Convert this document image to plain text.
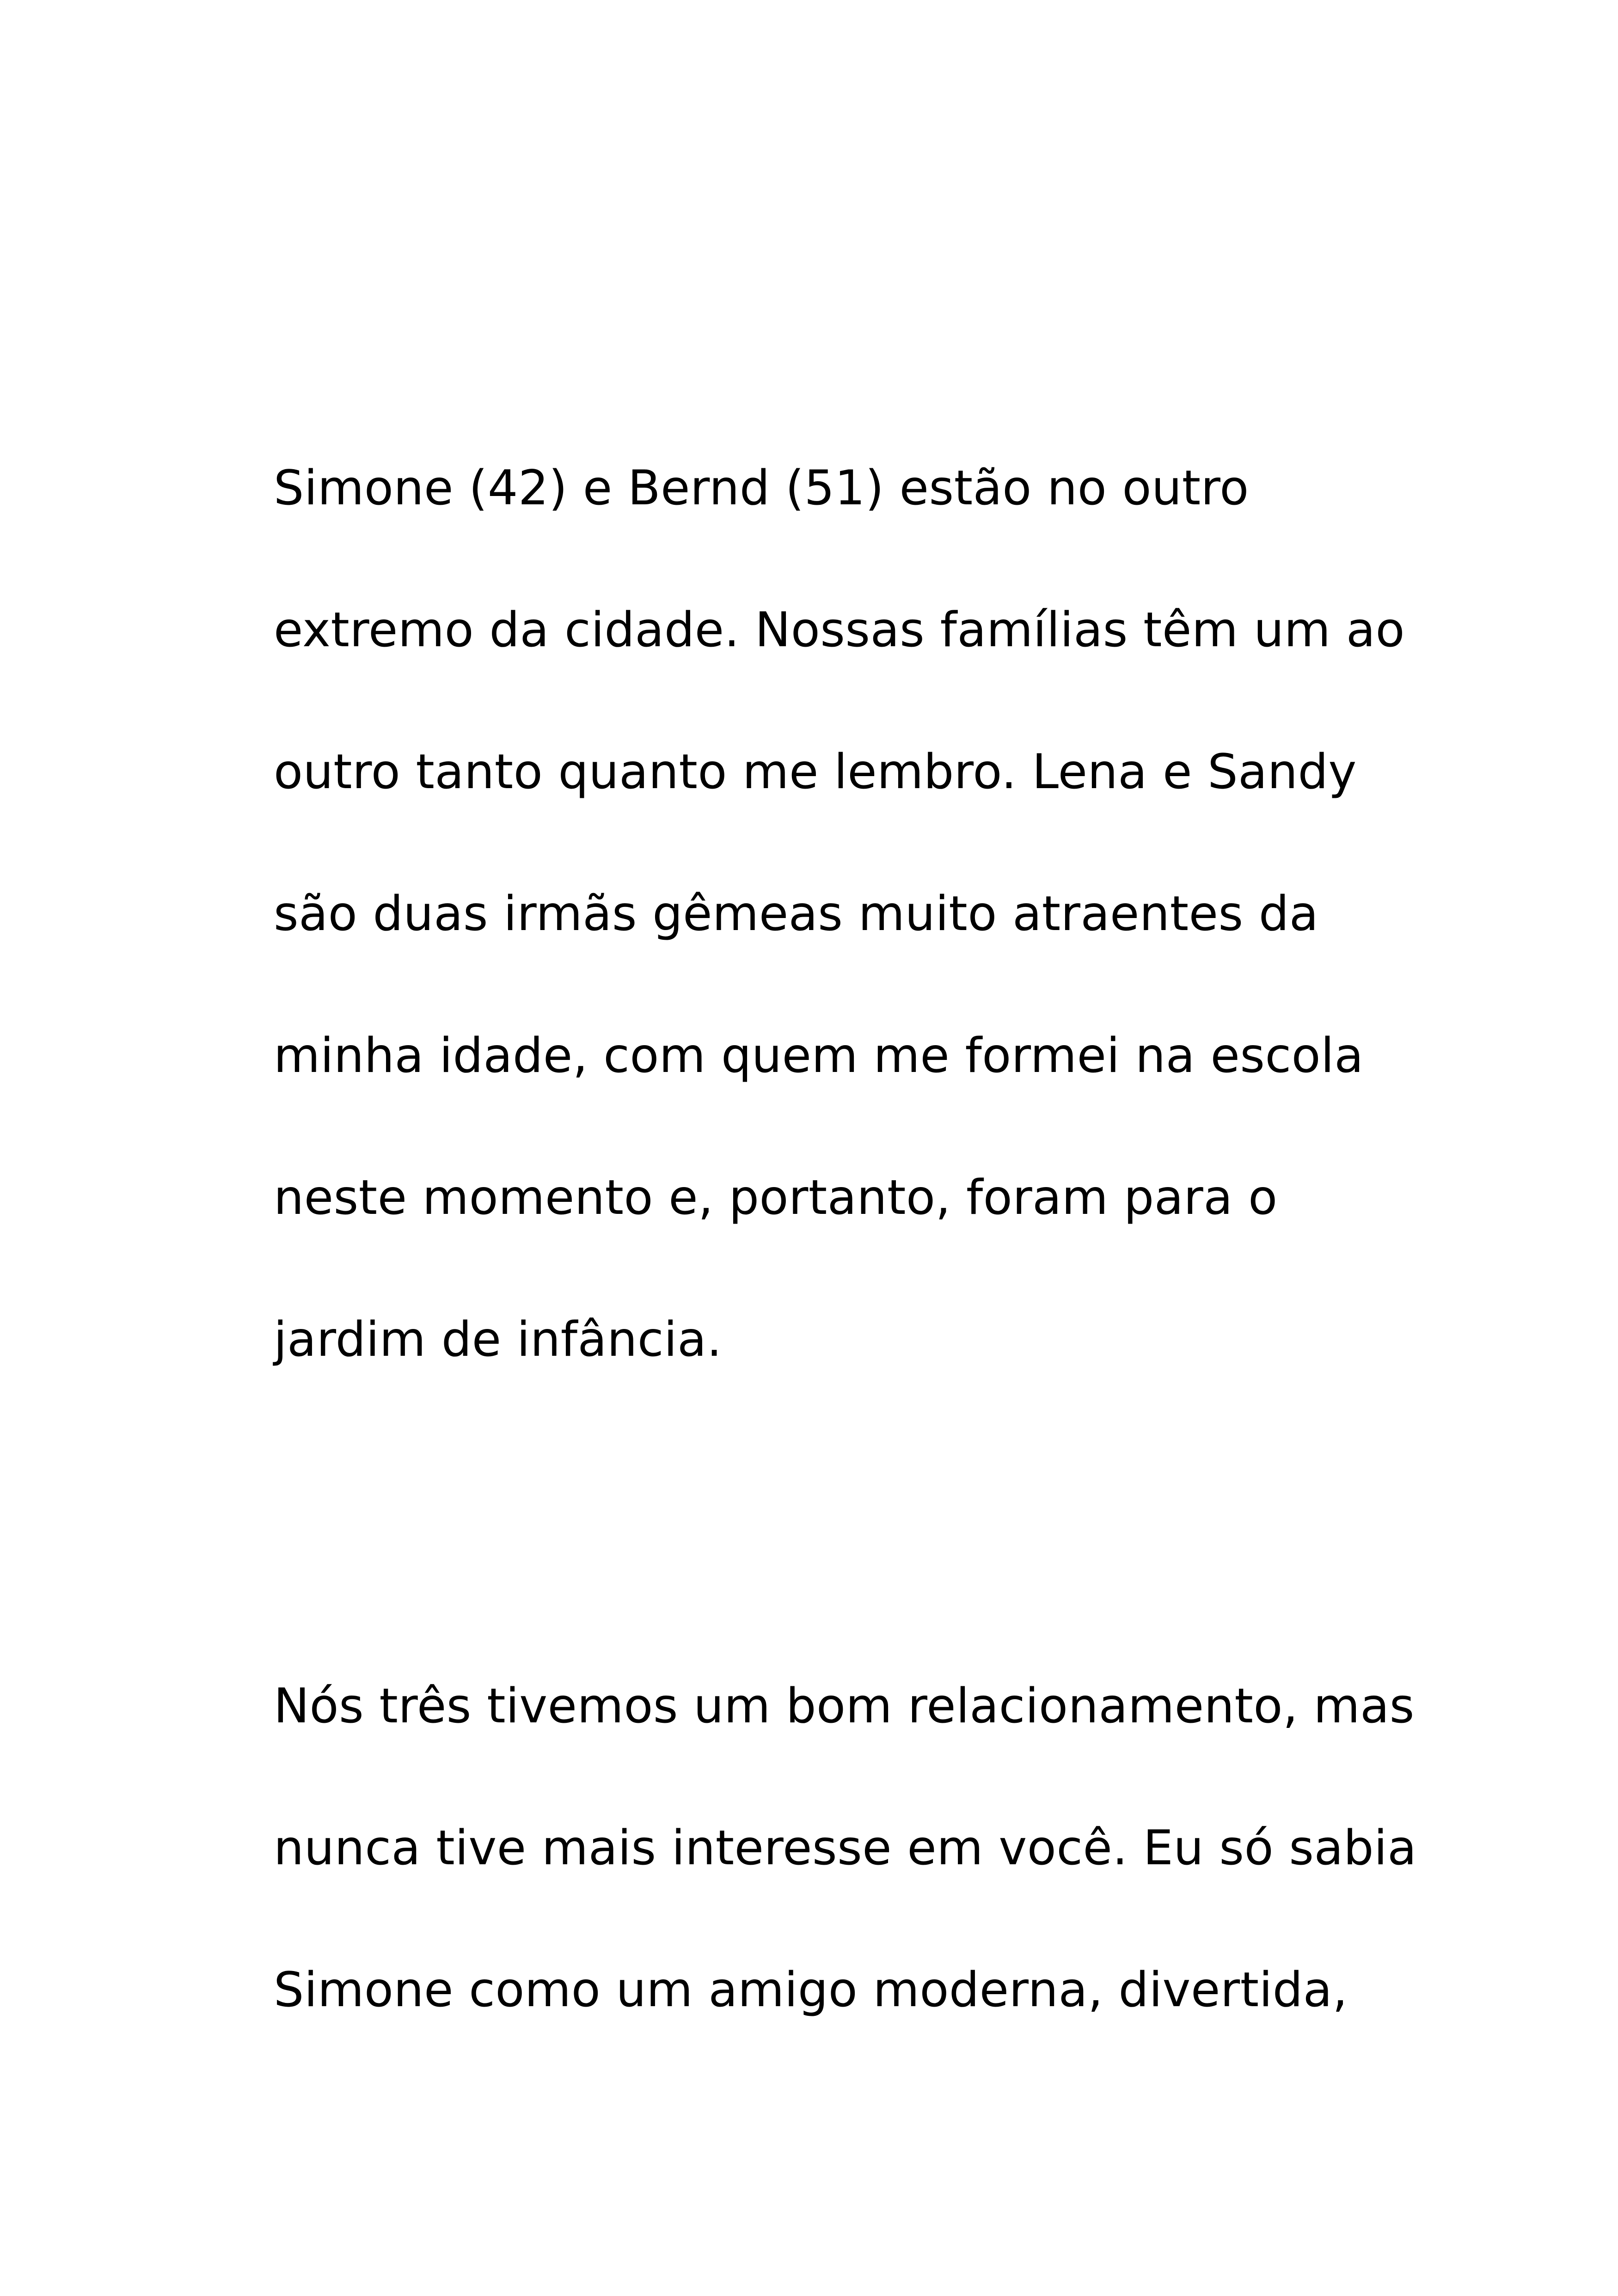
Simone (42) e Bernd (51) estão no outro
extremo da cidade. Nossas famílias têm um ao
outro tanto quanto me lembro. Lena e Sandy
são duas irmãs gêmeas muito atraentes da
minha idade, com quem me formei na escola
neste momento e, portanto, foram para o
jardim de infância.
Nós três tivemos um bom relacionamento, mas
nunca tive mais interesse em você. Eu só sabia
Simone como um amigo moderna, divertida,
